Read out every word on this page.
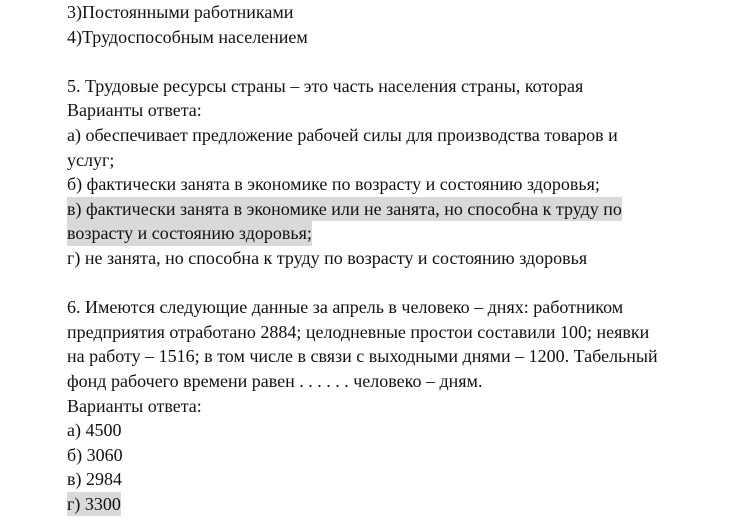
3)Постоянными работниками
4)Трудоспособным населением
5. Трудовые ресурсы страны – это часть населения страны, которая
Варианты ответа:
а) обеспечивает предложение рабочей силы для производства товаров и
услуг;
б) фактически занята в экономике по возрасту и состоянию здоровья;
в) фактически занята в экономике или не занята, но способна к труду по
возрасту и состоянию здоровья;
г) не занята, но способна к труду по возрасту и состоянию здоровья
6. Имеются следующие данные за апрель в человеко – днях: работником
предприятия отработано 2884; целодневные простои составили 100; неявки
на работу – 1516; в том числе в связи с выходными днями – 1200. Табельный
фонд рабочего времени равен . . . . . . человеко – дням.
Варианты ответа:
а) 4500
б) 3060
в) 2984
г) 3300
